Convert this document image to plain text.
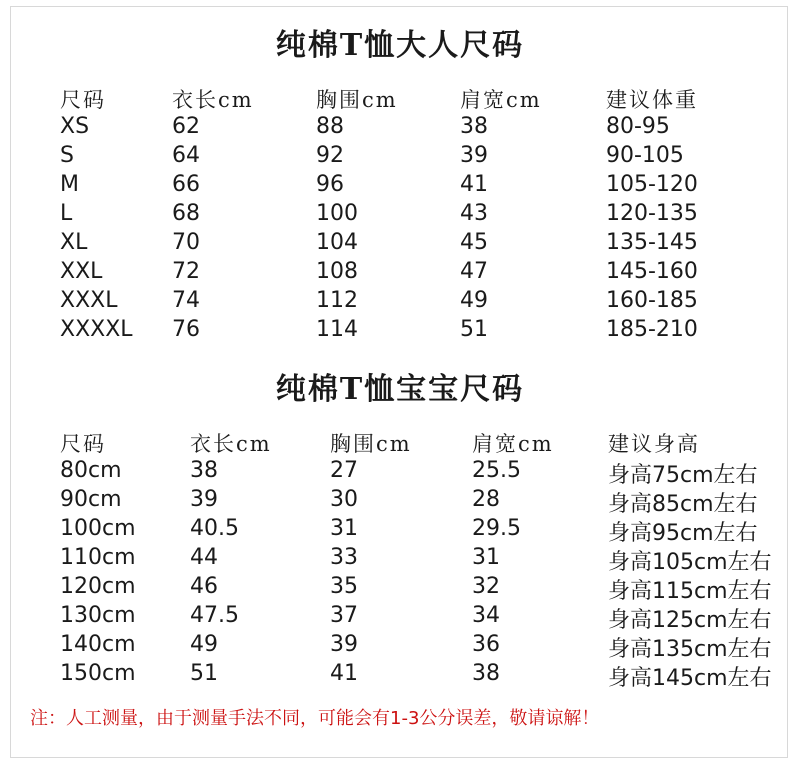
纯棉T恤大人尺码
尺码	衣长cm	胸围cm	肩宽cm	建议体重
XS	62	88	38	80-95
S	64	92	39	90-105
M	66	96	41	105-120
L	68	100	43	120-135
XL	70	104	45	135-145
XXL	72	108	47	145-160
XXXL 74	112	49	160-185
XXXXL 76	114	51	185-210
纯棉T恤宝宝尺码
尺码	衣长cm	胸围cm	肩宽cm	建议身高
80cm	38	27	25.5	身高75cm左右
90cm	39	30	28	身高85cm左右
100cm 40.5	31	29.5	身高95cm左右
110cm 44	33	31	身高105cm左右
120cm 46	35	32	身高115cm左右
130cm 47.5	37	34	身高125cm左右
140cm 49	39	36	身高135cm左右
150cm 51	41	38	身高145cm左右
注：人工测量，由于测量手法不同，可能会有1-3公分误差，敬请谅解！
